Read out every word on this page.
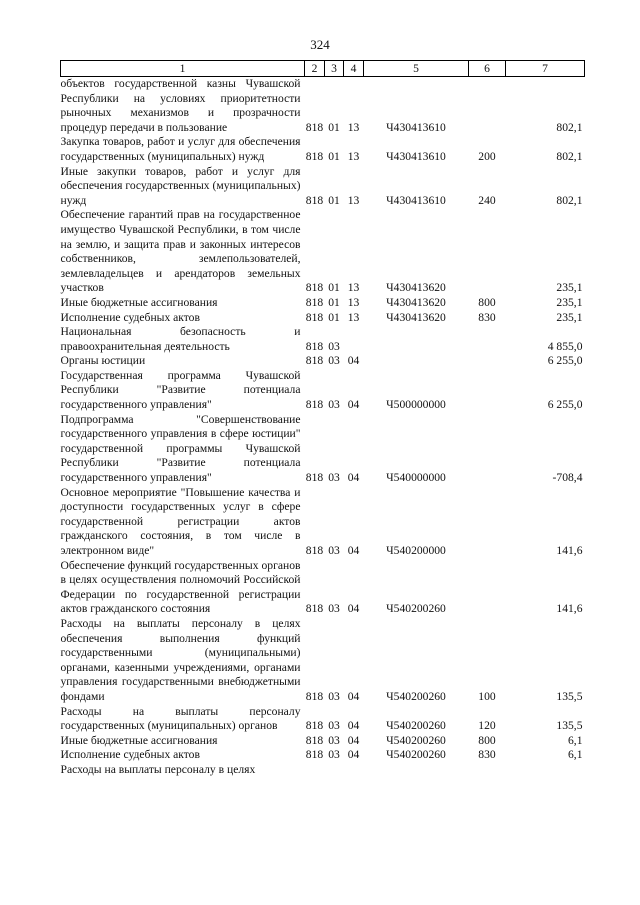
324
1	2	3	4	5	6	7

объектов государственной казны Чувашской Республики на условиях приоритетности рыночных механизмов и прозрачности процедур передачи в пользование	818	01	13	Ч430413610		802,1

Закупка товаров, работ и услуг для обеспечения государственных (муниципальных) нужд	818	01	13	Ч430413610	200	802,1

Иные закупки товаров, работ и услуг для обеспечения государственных (муниципальных) нужд	818	01	13	Ч430413610	240	802,1

Обеспечение гарантий прав на государственное имущество Чувашской Республики, в том числе на землю, и защита прав и законных интересов собственников, землепользователей, землевладельцев и арендаторов земельных участков	818	01	13	Ч430413620		235,1

Иные бюджетные ассигнования	818	01	13	Ч430413620	800	235,1

Исполнение судебных актов	818	01	13	Ч430413620	830	235,1

Национальная безопасность и правоохранительная деятельность	818	03				4 855,0

Органы юстиции	818	03	04			6 255,0

Государственная программа Чувашской Республики "Развитие потенциала государственного управления"	818	03	04	Ч500000000		6 255,0

Подпрограмма "Совершенствование государственного управления в сфере юстиции" государственной программы Чувашской Республики "Развитие потенциала государственного управления"	818	03	04	Ч540000000		-708,4

Основное мероприятие "Повышение качества и доступности государственных услуг в сфере государственной регистрации актов гражданского состояния, в том числе в электронном виде"	818	03	04	Ч540200000		141,6

Обеспечение функций государственных органов в целях осуществления полномочий Российской Федерации по государственной регистрации актов гражданского состояния	818	03	04	Ч540200260		141,6

Расходы на выплаты персоналу в целях обеспечения выполнения функций государственными (муниципальными) органами, казенными учреждениями, органами управления государственными внебюджетными фондами	818	03	04	Ч540200260	100	135,5

Расходы на выплаты персоналу государственных (муниципальных) органов	818	03	04	Ч540200260	120	135,5

Иные бюджетные ассигнования	818	03	04	Ч540200260	800	6,1

Исполнение судебных актов	818	03	04	Ч540200260	830	6,1

Расходы на выплаты персоналу в целях						
